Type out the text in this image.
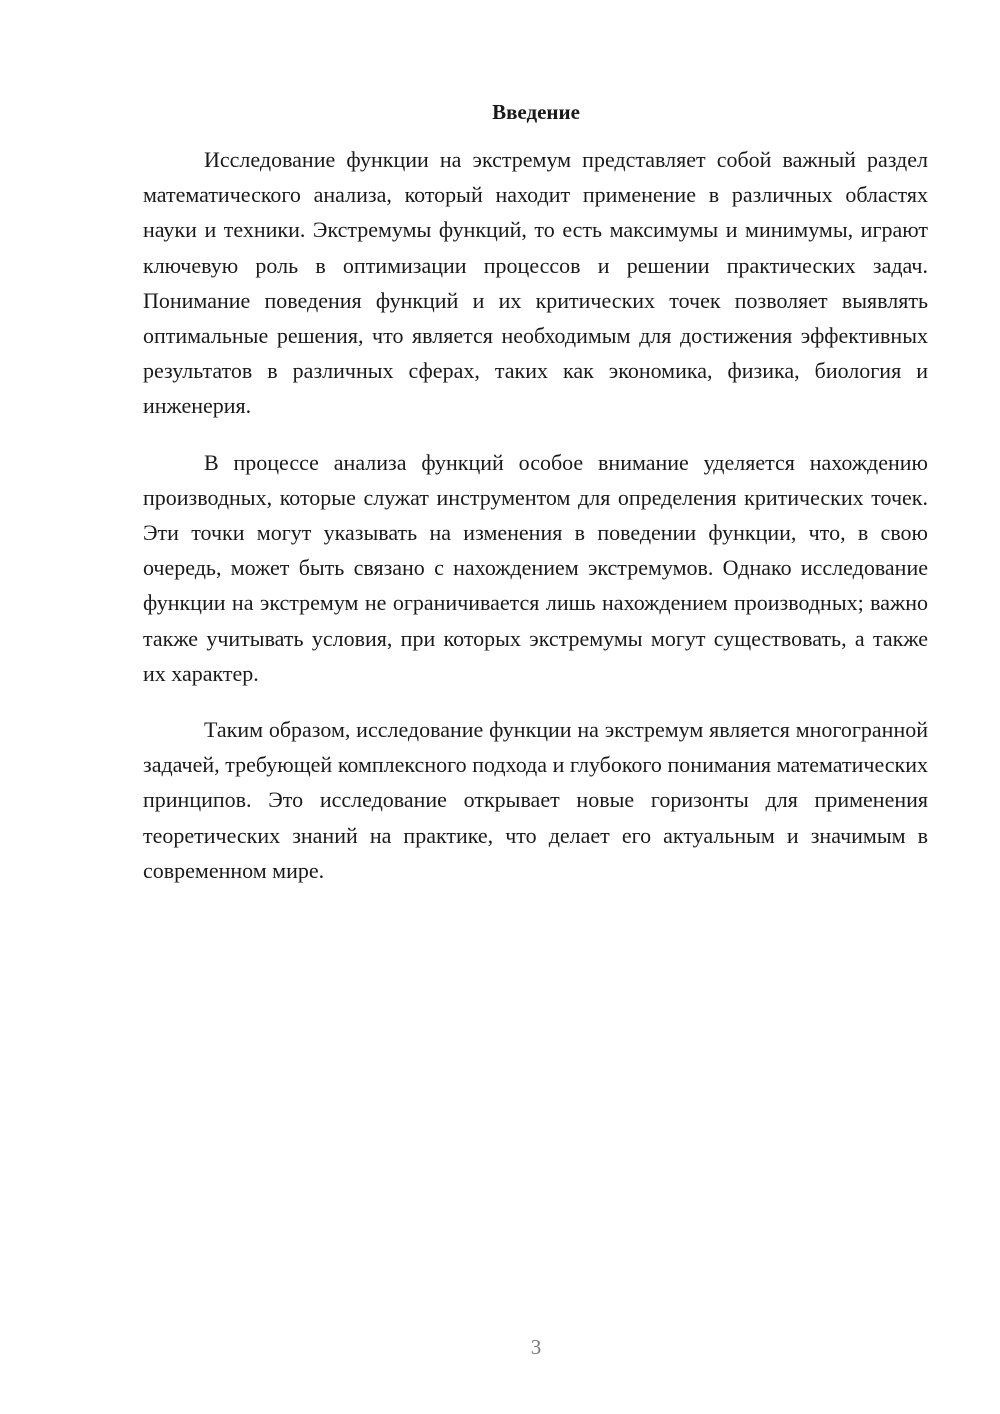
Введение

Исследование функции на экстремум представляет собой важный раздел математического анализа, который находит применение в различных областях науки и техники. Экстремумы функций, то есть максимумы и минимумы, играют ключевую роль в оптимизации процессов и решении практических задач. Понимание поведения функций и их критических точек позволяет выявлять оптимальные решения, что является необходимым для достижения эффективных результатов в различных сферах, таких как экономика, физика, биология и инженерия.

В процессе анализа функций особое внимание уделяется нахождению производных, которые служат инструментом для определения критических точек. Эти точки могут указывать на изменения в поведении функции, что, в свою очередь, может быть связано с нахождением экстремумов. Однако исследование функции на экстремум не ограничивается лишь нахождением производных; важно также учитывать условия, при которых экстремумы могут существовать, а также их характер.

Таким образом, исследование функции на экстремум является многогранной задачей, требующей комплексного подхода и глубокого понимания математических принципов. Это исследование открывает новые горизонты для применения теоретических знаний на практике, что делает его актуальным и значимым в современном мире.

3
